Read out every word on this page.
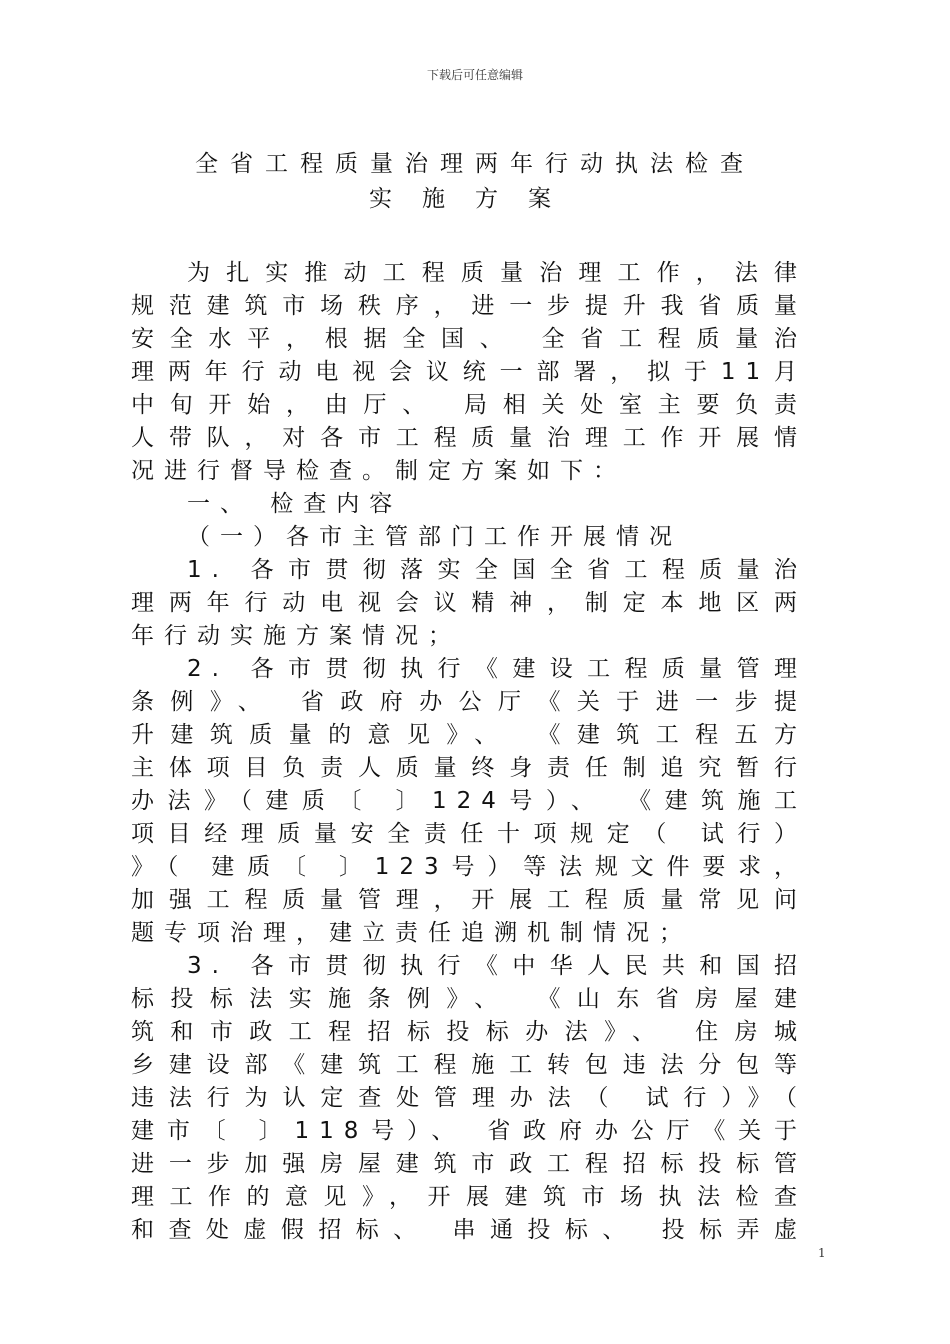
下载后可任意编辑
全省工程质量治理两年行动执法检查
实施方案
为扎实推动工程质量治理工作，法律
规范建筑市场秩序，进一步提升我省质量
安全水平，根据全国、 全省工程质量治
理两年行动电视会议统一部署，拟于11月
中旬开始，由厅、 局相关处室主要负责
人带队，对各市工程质量治理工作开展情
况进行督导检查。制定方案如下：
一、 检查内容
（一）各市主管部门工作开展情况
1. 各市贯彻落实全国全省工程质量治
理两年行动电视会议精神，制定本地区两
年行动实施方案情况；
2. 各市贯彻执行《建设工程质量管理
条例》、 省政府办公厅《关于进一步提
升建筑质量的意见》、 《建筑工程五方
主体项目负责人质量终身责任制追究暂行
办法》（建质〔 〕124号）、 《建筑施工
项目经理质量安全责任十项规定（ 试行）
》（ 建质〔 〕123号）等法规文件要求，
加强工程质量管理，开展工程质量常见问
题专项治理，建立责任追溯机制情况；
3. 各市贯彻执行《中华人民共和国招
标投标法实施条例》、 《山东省房屋建
筑和市政工程招标投标办法》、 住房城
乡建设部《建筑工程施工转包违法分包等
违法行为认定查处管理办法（ 试行）》（
建市〔 〕118号）、 省政府办公厅《关于
进一步加强房屋建筑市政工程招标投标管
理工作的意见》，开展建筑市场执法检查
和查处虚假招标、 串通投标、 投标弄虚
1
